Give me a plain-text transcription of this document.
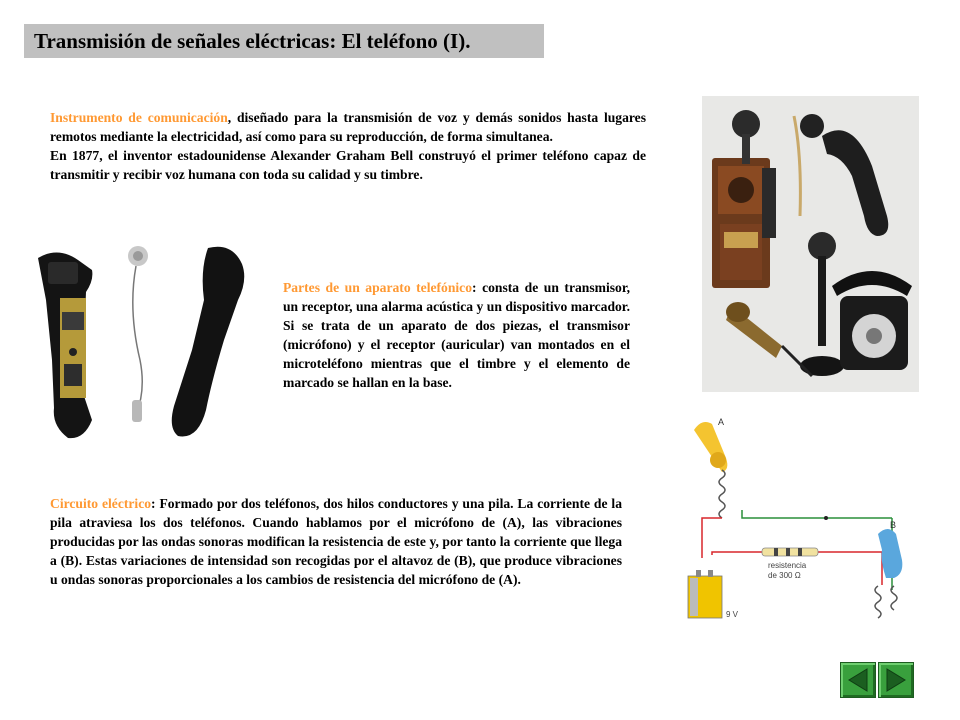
Transmisión de señales eléctricas: El teléfono (I).
Instrumento de comunicación, diseñado para la transmisión de voz y demás sonidos hasta lugares remotos mediante la electricidad, así como para su reproducción, de forma simultanea.
En 1877, el inventor estadounidense Alexander Graham Bell construyó el primer teléfono capaz de transmitir y recibir voz humana con toda su calidad y su timbre.
Partes de un aparato telefónico: consta de un transmisor, un receptor, una alarma acústica y un dispositivo marcador. Si se trata de un aparato de dos piezas, el transmisor (micrófono) y el receptor (auricular) van montados en el microteléfono mientras que el timbre y el elemento de marcado se hallan en la base.
Circuito eléctrico: Formado por dos teléfonos, dos hilos conductores y una pila. La corriente de la pila atraviesa los dos teléfonos. Cuando hablamos por el micrófono de (A), las vibraciones producidas por las ondas sonoras modifican la resistencia de este y, por tanto la corriente que llega a (B). Estas variaciones de intensidad son recogidas por el altavoz de (B), que produce vibraciones u ondas sonoras proporcionales a los cambios de resistencia del micrófono de (A).
A
resistencia
de 300 Ω
9 V
B
